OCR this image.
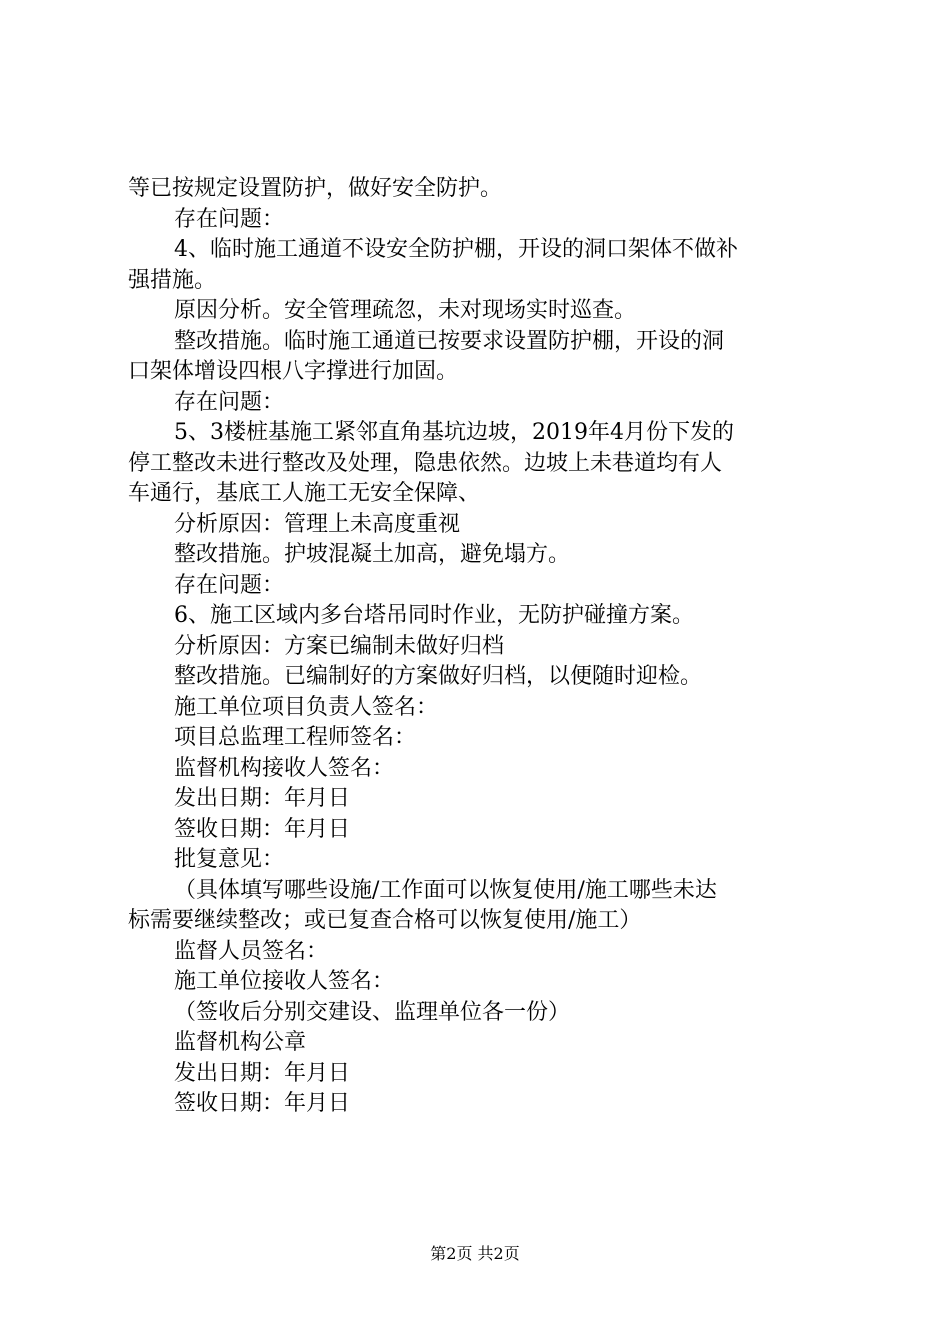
等已按规定设置防护，做好安全防护。
存在问题：
4、临时施工通道不设安全防护棚，开设的洞口架体不做补
强措施。
原因分析。安全管理疏忽，未对现场实时巡查。
整改措施。临时施工通道已按要求设置防护棚，开设的洞
口架体增设四根八字撑进行加固。
存在问题：
5、3楼桩基施工紧邻直角基坑边坡，2019年4月份下发的
停工整改未进行整改及处理，隐患依然。边坡上未巷道均有人
车通行，基底工人施工无安全保障、
分析原因：管理上未高度重视
整改措施。护坡混凝土加高，避免塌方。
存在问题：
6、施工区域内多台塔吊同时作业，无防护碰撞方案。
分析原因：方案已编制未做好归档
整改措施。已编制好的方案做好归档，以便随时迎检。
施工单位项目负责人签名：
项目总监理工程师签名：
监督机构接收人签名：
发出日期：年月日
签收日期：年月日
批复意见：
（具体填写哪些设施/工作面可以恢复使用/施工哪些未达
标需要继续整改；或已复查合格可以恢复使用/施工）
监督人员签名：
施工单位接收人签名：
（签收后分别交建设、监理单位各一份）
监督机构公章
发出日期：年月日
签收日期：年月日
第2页 共2页
